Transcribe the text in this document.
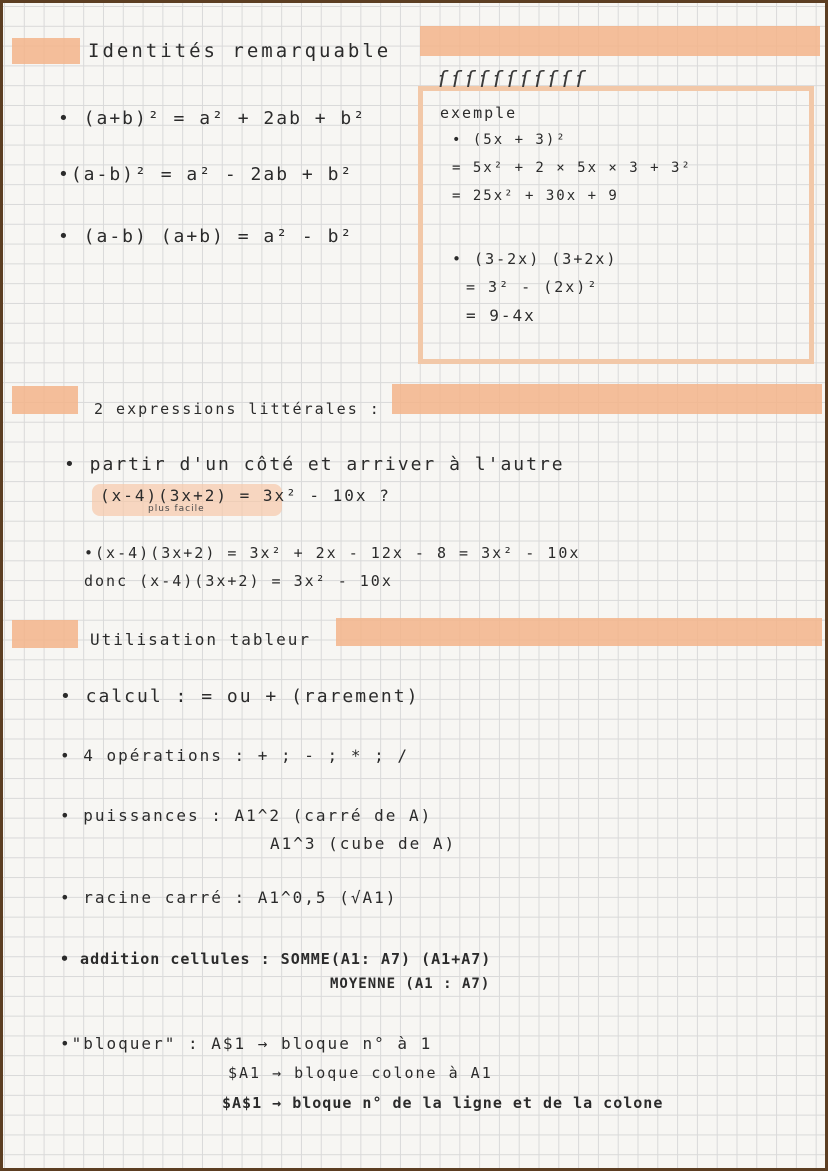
Identités remarquable
• (a+b)² = a² + 2ab + b²
•(a-b)² = a² - 2ab + b²
• (a-b) (a+b) = a² - b²
ſſſſſſſſſſſ
exemple
• (5x + 3)²
= 5x² + 2 × 5x × 3 + 3²
= 25x² + 30x + 9
• (3-2x) (3+2x)
= 3² - (2x)²
= 9-4x
2 expressions littérales :
• partir d'un côté et arriver à l'autre
(x-4)(3x+2) = 3x² - 10x ?
plus facile
•(x-4)(3x+2) = 3x² + 2x - 12x - 8 = 3x² - 10x
donc (x-4)(3x+2) = 3x² - 10x
Utilisation tableur
• calcul : = ou + (rarement)
• 4 opérations : + ; - ; * ; /
• puissances : A1^2 (carré de A)
A1^3 (cube de A)
• racine carré : A1^0,5 (√A1)
• addition cellules : SOMME(A1: A7) (A1+A7)
MOYENNE (A1 : A7)
•"bloquer" : A$1 → bloque n° à 1
$A1 → bloque colone à A1
$A$1 → bloque n° de la ligne et de la colone
